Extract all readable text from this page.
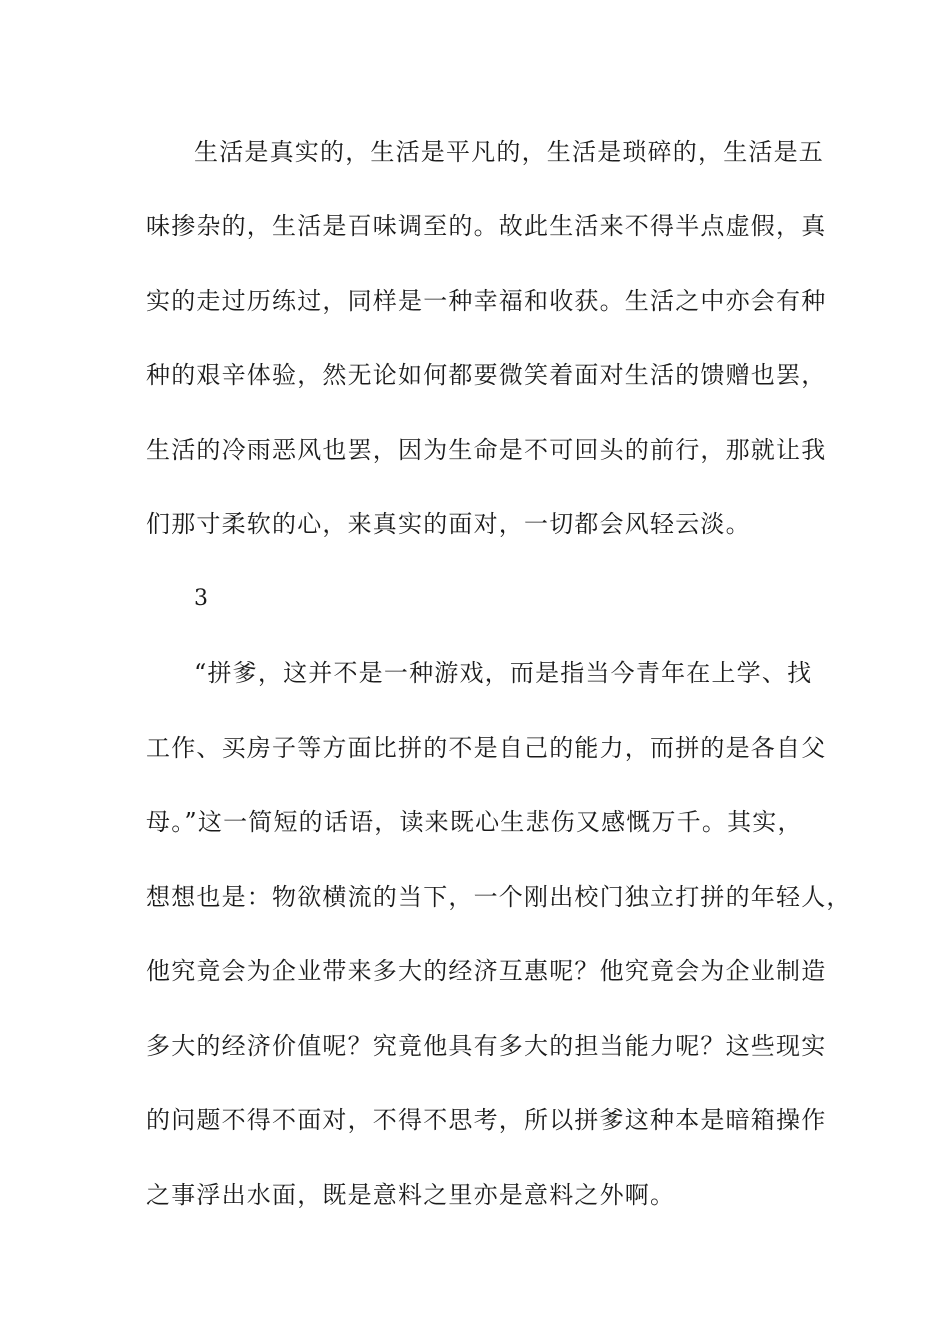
生活是真实的，生活是平凡的，生活是琐碎的，生活是五
味掺杂的，生活是百味调至的。故此生活来不得半点虚假，真
实的走过历练过，同样是一种幸福和收获。生活之中亦会有种
种的艰辛体验，然无论如何都要微笑着面对生活的馈赠也罢，
生活的冷雨恶风也罢，因为生命是不可回头的前行，那就让我
们那寸柔软的心，来真实的面对，一切都会风轻云淡。
3
“拼爹，这并不是一种游戏，而是指当今青年在上学、找
工作、买房子等方面比拼的不是自己的能力，而拼的是各自父
母。”这一简短的话语，读来既心生悲伤又感慨万千。其实，
想想也是：物欲横流的当下，一个刚出校门独立打拼的年轻人，
他究竟会为企业带来多大的经济互惠呢？他究竟会为企业制造
多大的经济价值呢？究竟他具有多大的担当能力呢？这些现实
的问题不得不面对，不得不思考，所以拼爹这种本是暗箱操作
之事浮出水面，既是意料之里亦是意料之外啊。
